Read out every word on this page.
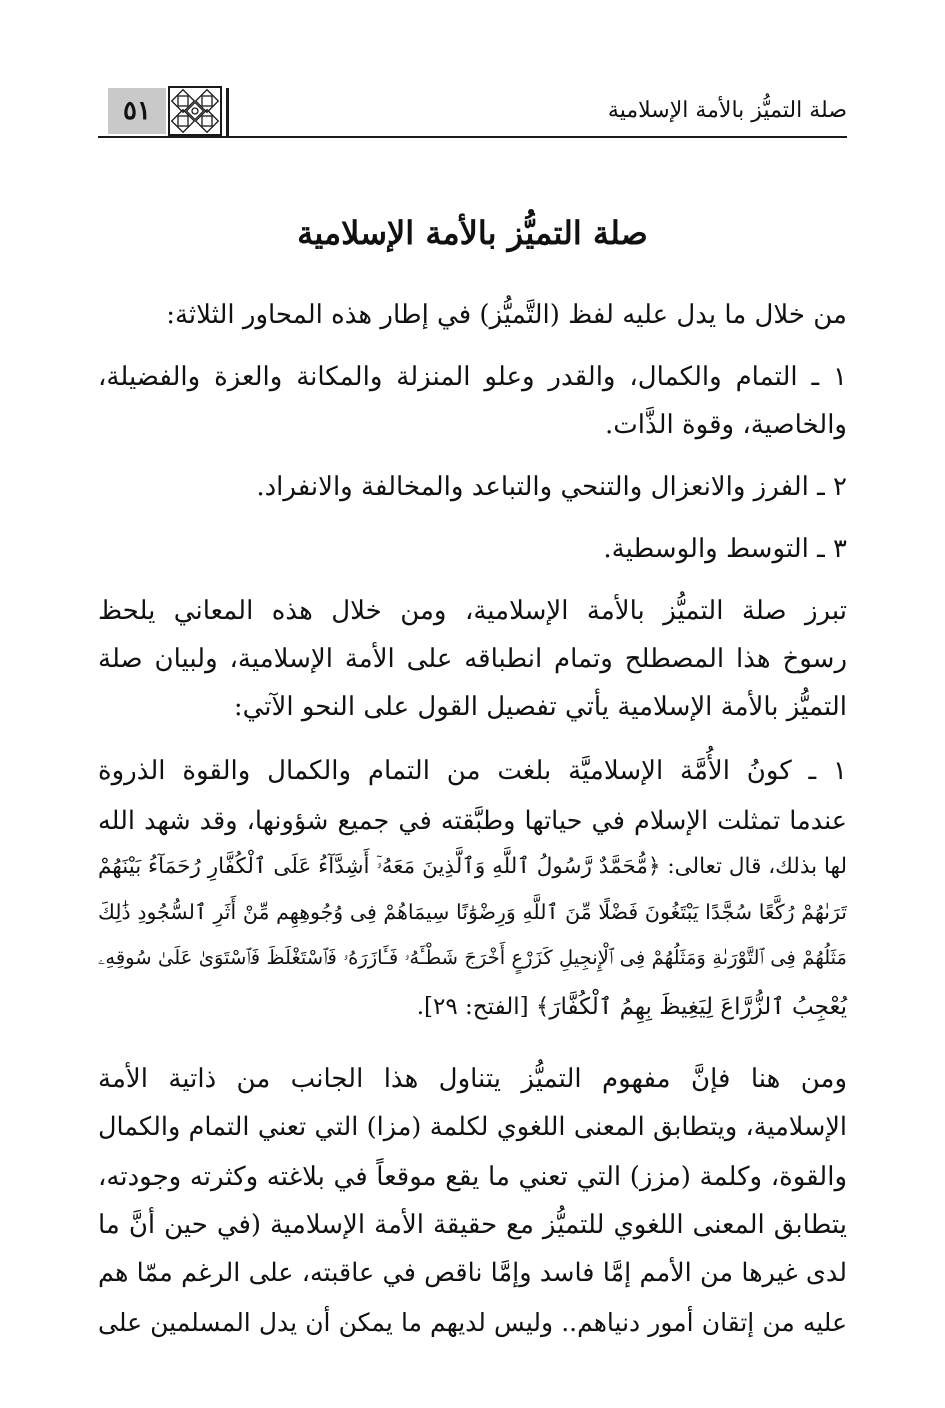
٥١	صلة التميُّز بالأمة الإسلامية
صلة التميُّز بالأمة الإسلامية
من خلال ما يدل عليه لفظ (التَّميُّز) في إطار هذه المحاور الثلاثة:
١ ـ التمام والكمال، والقدر وعلو المنزلة والمكانة والعزة والفضيلة،
والخاصية، وقوة الذَّات.
٢ ـ الفرز والانعزال والتنحي والتباعد والمخالفة والانفراد.
٣ ـ التوسط والوسطية.
تبرز صلة التميُّز بالأمة الإسلامية، ومن خلال هذه المعاني يلحظ
رسوخ هذا المصطلح وتمام انطباقه على الأمة الإسلامية، ولبيان صلة
التميُّز بالأمة الإسلامية يأتي تفصيل القول على النحو الآتي:
١ ـ كونُ الأُمَّة الإسلاميَّة بلغت من التمام والكمال والقوة الذروة
عندما تمثلت الإسلام في حياتها وطبَّقته في جميع شؤونها، وقد شهد الله
لها بذلك، قال تعالى: ﴿مُّحَمَّدٌ رَّسُولُ ٱللَّهِ وَٱلَّذِينَ مَعَهُۥٓ أَشِدَّآءُ عَلَى ٱلْكُفَّارِ رُحَمَآءُ بَيْنَهُمْ
تَرَىٰهُمْ رُكَّعًا سُجَّدًا يَبْتَغُونَ فَضْلًا مِّنَ ٱللَّهِ وَرِضْوَٰنًا سِيمَاهُمْ فِى وُجُوهِهِم مِّنْ أَثَرِ ٱلسُّجُودِ ذَٰلِكَ
مَثَلُهُمْ فِى ٱلتَّوْرَىٰةِ وَمَثَلُهُمْ فِى ٱلْإِنجِيلِ كَزَرْعٍ أَخْرَجَ شَطْـَٔهُۥ فَـَٔازَرَهُۥ فَٱسْتَغْلَظَ فَٱسْتَوَىٰ عَلَىٰ سُوقِهِۦ
يُعْجِبُ ٱلزُّرَّاعَ لِيَغِيظَ بِهِمُ ٱلْكُفَّارَ﴾ [الفتح: ٢٩].
ومن هنا فإنَّ مفهوم التميُّز يتناول هذا الجانب من ذاتية الأمة
الإسلامية، ويتطابق المعنى اللغوي لكلمة (مزا) التي تعني التمام والكمال
والقوة، وكلمة (مزز) التي تعني ما يقع موقعاً في بلاغته وكثرته وجودته،
يتطابق المعنى اللغوي للتميُّز مع حقيقة الأمة الإسلامية (في حين أنَّ ما
لدى غيرها من الأمم إمَّا فاسد وإمَّا ناقص في عاقبته، على الرغم ممّا هم
عليه من إتقان أمور دنياهم.. وليس لديهم ما يمكن أن يدل المسلمين على
